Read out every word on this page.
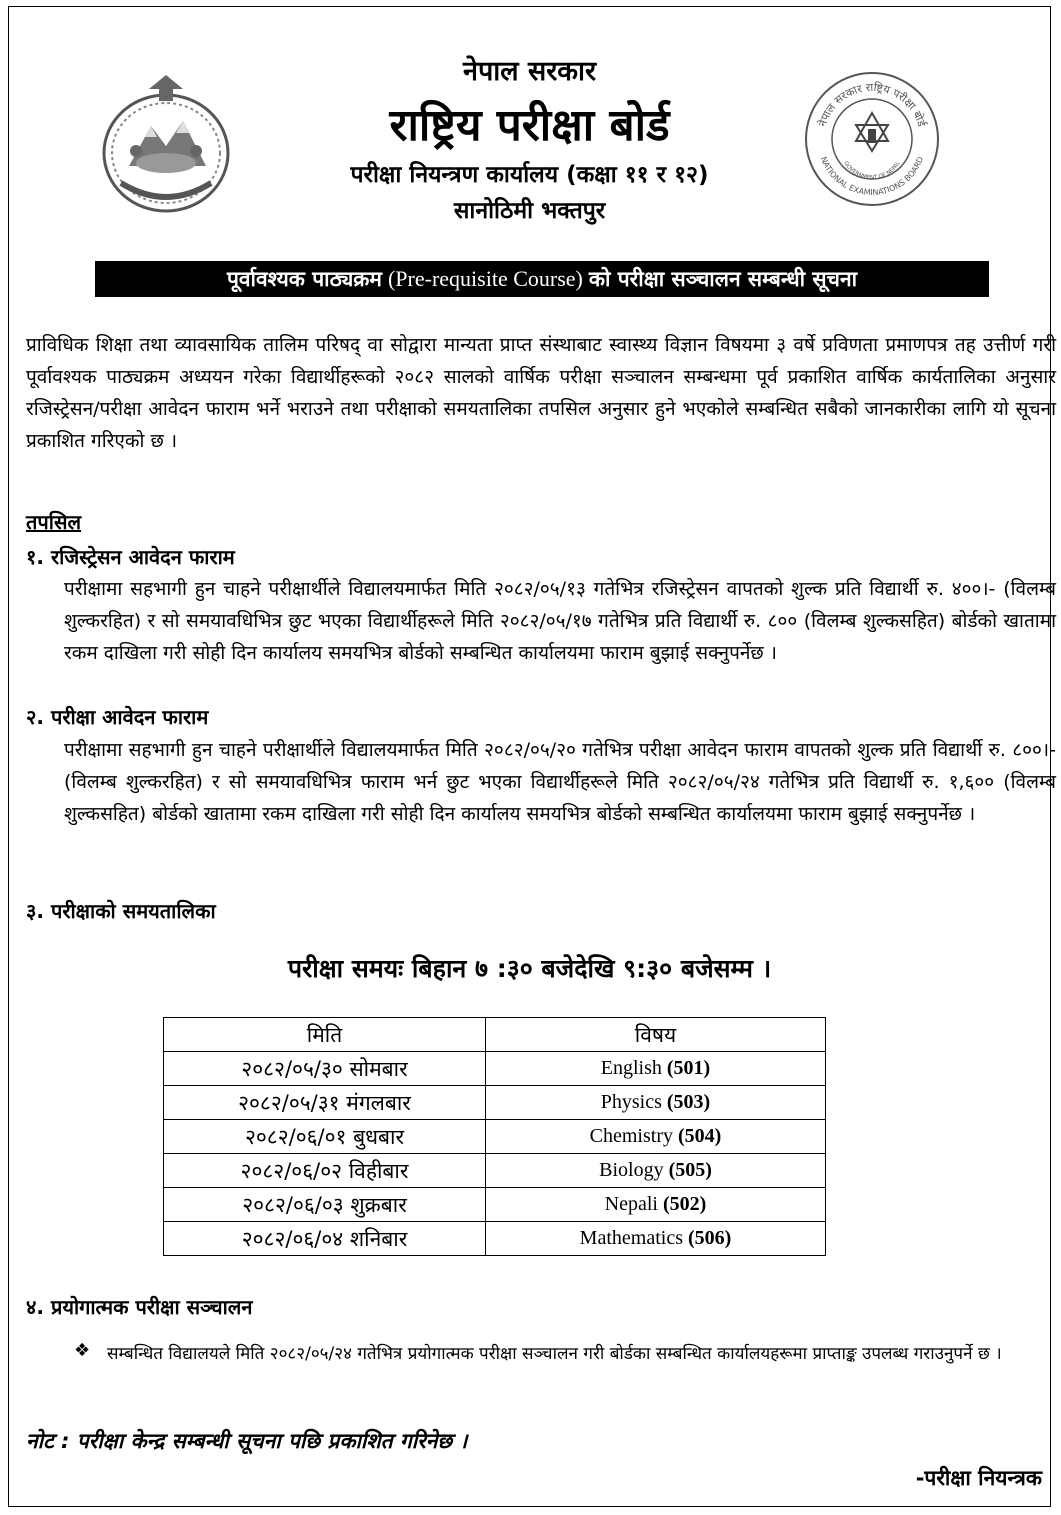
नेपाल सरकार राष्ट्रिय परीक्षा बोर्ड
NATIONAL EXAMINATIONS BOARD
GOVERNMENT OF NEPAL
नेपाल सरकार
राष्ट्रिय परीक्षा बोर्ड
परीक्षा नियन्त्रण कार्यालय (कक्षा ११ र १२)
सानोठिमी भक्तपुर
पूर्वावश्यक पाठ्यक्रम (Pre-requisite Course) को परीक्षा सञ्चालन सम्बन्धी सूचना
प्राविधिक शिक्षा तथा व्यावसायिक तालिम परिषद् वा सोद्वारा मान्यता प्राप्त संस्थाबाट स्वास्थ्य विज्ञान विषयमा ३ वर्षे प्रविणता प्रमाणपत्र तह उत्तीर्ण गरी पूर्वावश्यक पाठ्यक्रम अध्ययन गरेका विद्यार्थीहरूको २०८२ सालको वार्षिक परीक्षा सञ्चालन सम्बन्धमा पूर्व प्रकाशित वार्षिक कार्यतालिका अनुसार रजिस्ट्रेसन/परीक्षा आवेदन फाराम भर्ने भराउने तथा परीक्षाको समयतालिका तपसिल अनुसार हुने भएकोले सम्बन्धित सबैको जानकारीका लागि यो सूचना प्रकाशित गरिएको छ ।
तपसिल
१. रजिस्ट्रेसन आवेदन फाराम
परीक्षामा सहभागी हुन चाहने परीक्षार्थीले विद्यालयमार्फत मिति २०८२/०५/१३ गतेभित्र रजिस्ट्रेसन वापतको शुल्क प्रति विद्यार्थी रु. ४००।- (विलम्ब शुल्करहित) र सो समयावधिभित्र छुट भएका विद्यार्थीहरूले मिति २०८२/०५/१७ गतेभित्र प्रति विद्यार्थी रु. ८०० (विलम्ब शुल्कसहित) बोर्डको खातामा रकम दाखिला गरी सोही दिन कार्यालय समयभित्र बोर्डको सम्बन्धित कार्यालयमा फाराम बुझाई सक्नुपर्नेछ ।
२. परीक्षा आवेदन फाराम
परीक्षामा सहभागी हुन चाहने परीक्षार्थीले विद्यालयमार्फत मिति २०८२/०५/२० गतेभित्र परीक्षा आवेदन फाराम वापतको शुल्क प्रति विद्यार्थी रु. ८००।- (विलम्ब शुल्करहित) र सो समयावधिभित्र फाराम भर्न छुट भएका विद्यार्थीहरूले मिति २०८२/०५/२४ गतेभित्र प्रति विद्यार्थी रु. १,६०० (विलम्ब शुल्कसहित) बोर्डको खातामा रकम दाखिला गरी सोही दिन कार्यालय समयभित्र बोर्डको सम्बन्धित कार्यालयमा फाराम बुझाई सक्नुपर्नेछ ।
३. परीक्षाको समयतालिका
परीक्षा समयः बिहान ७ :३० बजेदेखि ९:३० बजेसम्म ।
मिति	विषय
२०८२/०५/३० सोमबार	English (501)
२०८२/०५/३१ मंगलबार	Physics (503)
२०८२/०६/०१ बुधबार	Chemistry (504)
२०८२/०६/०२ विहीबार	Biology (505)
२०८२/०६/०३ शुक्रबार	Nepali (502)
२०८२/०६/०४ शनिबार	Mathematics (506)
४. प्रयोगात्मक परीक्षा सञ्चालन
❖ सम्बन्धित विद्यालयले मिति २०८२/०५/२४ गतेभित्र प्रयोगात्मक परीक्षा सञ्चालन गरी बोर्डका सम्बन्धित कार्यालयहरूमा प्राप्ताङ्क उपलब्ध गराउनुपर्ने छ ।
नोट : परीक्षा केन्द्र सम्बन्धी सूचना पछि प्रकाशित गरिनेछ ।
-परीक्षा नियन्त्रक
